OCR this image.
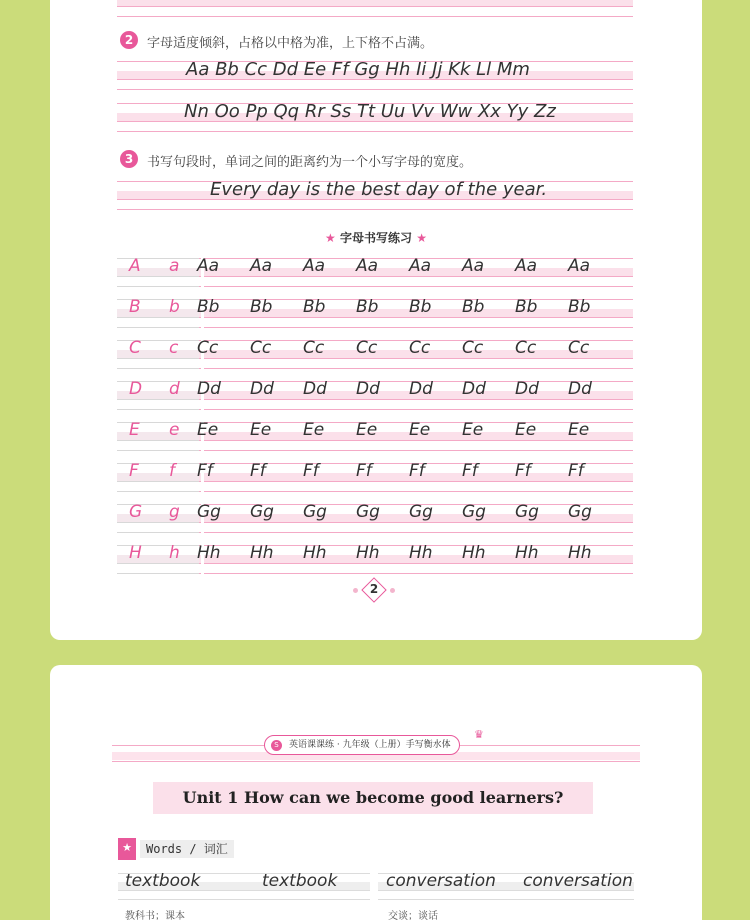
2	字母适度倾斜，占格以中格为准，上下格不占满。
Aa Bb Cc Dd Ee Ff Gg Hh Ii Jj Kk Ll Mm
Nn Oo Pp Qq Rr Ss Tt Uu Vv Ww Xx Yy Zz
3	书写句段时，单词之间的距离约为一个小写字母的宽度。
Every day is the best day of the year.
★ 字母书写练习 ★
A a Aa Aa Aa Aa Aa Aa Aa Aa
B b Bb Bb Bb Bb Bb Bb Bb Bb
C c Cc Cc Cc Cc Cc Cc Cc Cc
D d Dd Dd Dd Dd Dd Dd Dd Dd
E e Ee Ee Ee Ee Ee Ee Ee Ee
F f Ff Ff Ff Ff Ff Ff Ff Ff
G g Gg Gg Gg Gg Gg Gg Gg Gg
H h Hh Hh Hh Hh Hh Hh Hh Hh
2
S	英语课课练 · 九年级（上册）手写衡水体
♛
Unit 1 How can we become good learners?
★	Words / 词汇
textbook	textbook	conversation conversation
教科书；课本	交谈；谈话
